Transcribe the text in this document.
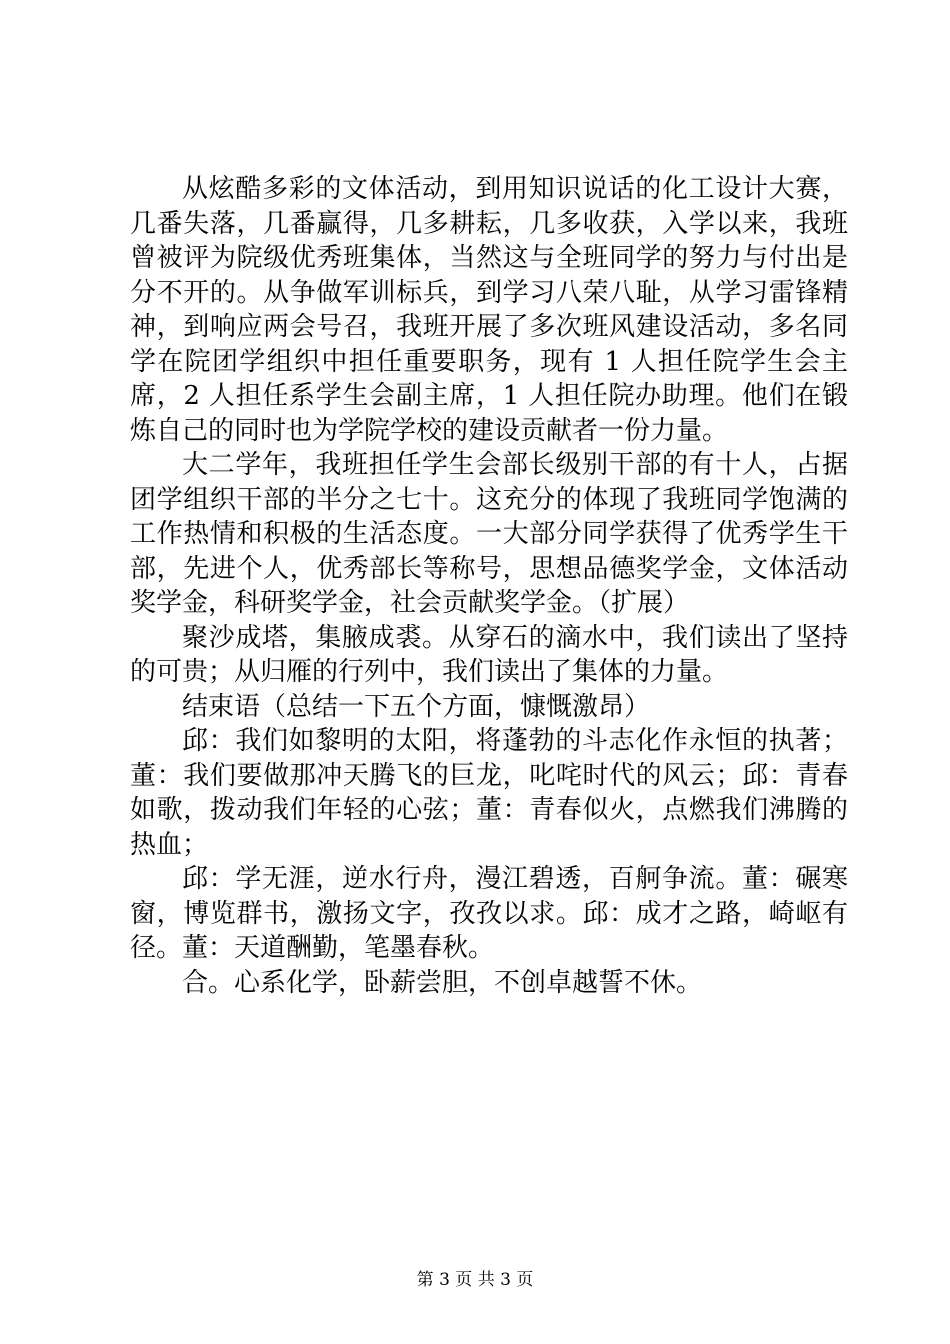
从炫酷多彩的文体活动，到用知识说话的化工设计大赛，几番失落，几番赢得，几多耕耘，几多收获，入学以来，我班曾被评为院级优秀班集体，当然这与全班同学的努力与付出是分不开的。从争做军训标兵，到学习八荣八耻，从学习雷锋精神，到响应两会号召，我班开展了多次班风建设活动，多名同学在院团学组织中担任重要职务，现有 1 人担任院学生会主席，2 人担任系学生会副主席，1 人担任院办助理。他们在锻炼自己的同时也为学院学校的建设贡献者一份力量。

大二学年，我班担任学生会部长级别干部的有十人，占据团学组织干部的半分之七十。这充分的体现了我班同学饱满的工作热情和积极的生活态度。一大部分同学获得了优秀学生干部，先进个人，优秀部长等称号，思想品德奖学金，文体活动奖学金，科研奖学金，社会贡献奖学金。（扩展）

聚沙成塔，集腋成裘。从穿石的滴水中，我们读出了坚持的可贵；从归雁的行列中，我们读出了集体的力量。

结束语（总结一下五个方面，慷慨激昂）

邱：我们如黎明的太阳，将蓬勃的斗志化作永恒的执著；董：我们要做那冲天腾飞的巨龙，叱咤时代的风云；邱：青春如歌，拨动我们年轻的心弦；董：青春似火，点燃我们沸腾的热血；

邱：学无涯，逆水行舟，漫江碧透，百舸争流。董：碾寒窗，博览群书，激扬文字，孜孜以求。邱：成才之路，崎岖有径。董：天道酬勤，笔墨春秋。

合。心系化学，卧薪尝胆，不创卓越誓不休。

第 3 页 共 3 页
